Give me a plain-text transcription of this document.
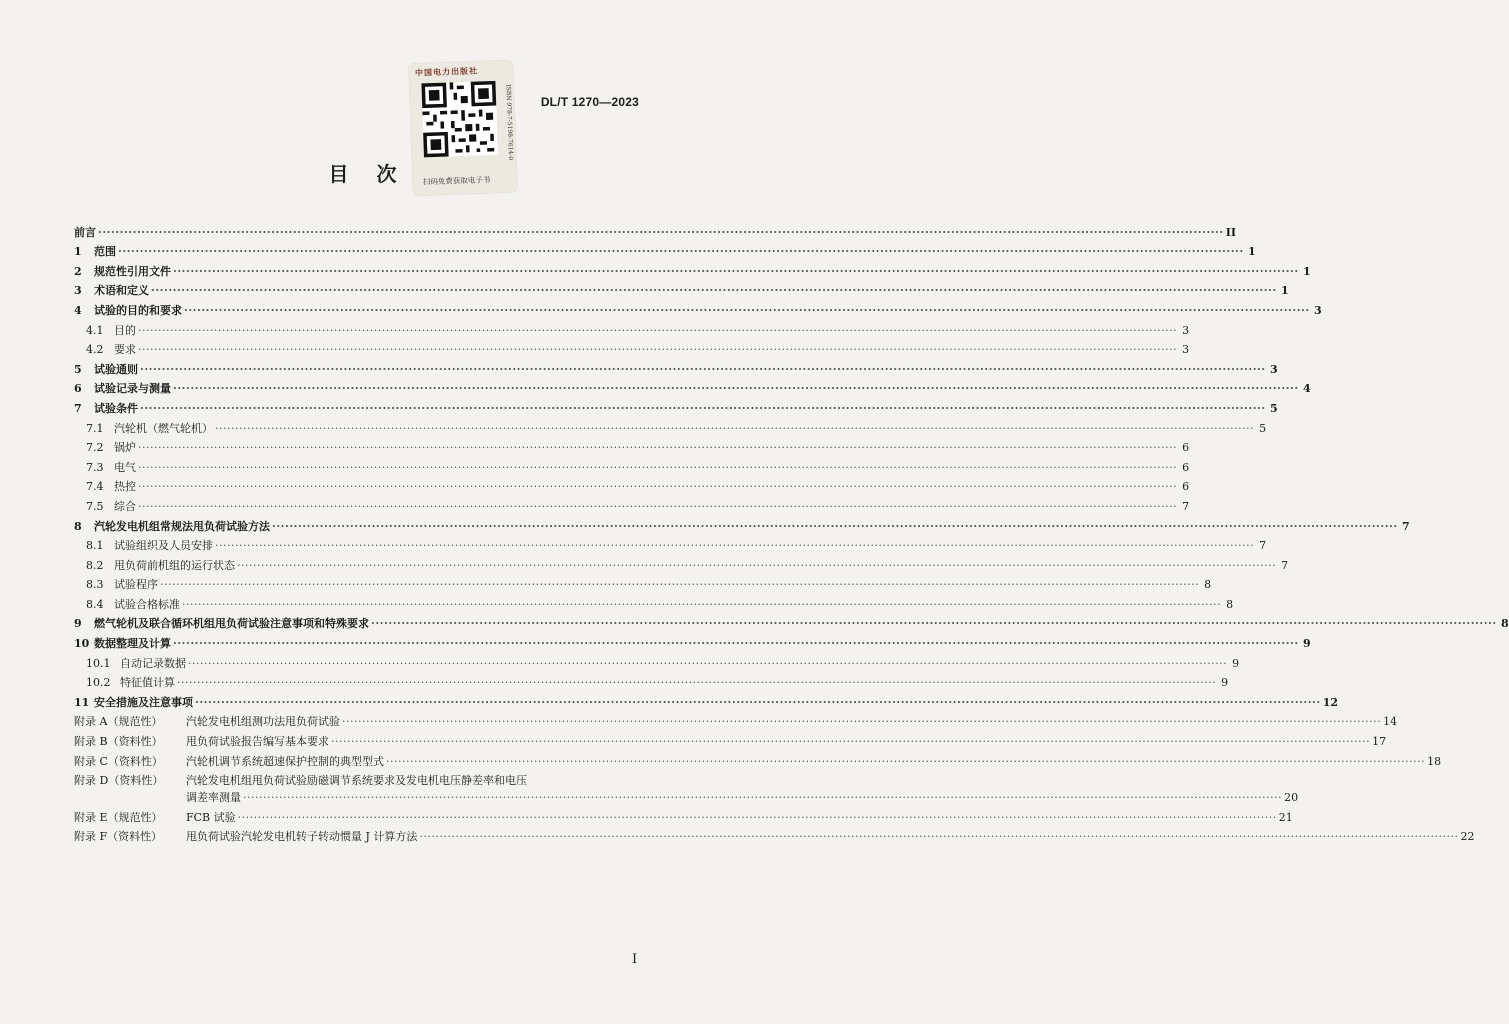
DL/T 1270—2023
中国电力出版社
ISBN 978-7-5198-7614-0
扫码免费获取电子书
目次
前言 ···································································································································································································································································· II
1	范围 ···································································································································································································································································· 1
2	规范性引用文件 ···································································································································································································································································· 1
3	术语和定义 ···································································································································································································································································· 1
4	试验的目的和要求 ···································································································································································································································································· 3
4.1 目的 ···································································································································································································································································· 3
4.2 要求 ···································································································································································································································································· 3
5	试验通则 ···································································································································································································································································· 3
6	试验记录与测量 ···································································································································································································································································· 4
7	试验条件 ···································································································································································································································································· 5
7.1 汽轮机（燃气轮机） ···································································································································································································································································· 5
7.2 锅炉 ···································································································································································································································································· 6
7.3 电气 ···································································································································································································································································· 6
7.4 热控 ···································································································································································································································································· 6
7.5 综合 ···································································································································································································································································· 7
8	汽轮发电机组常规法甩负荷试验方法 ···································································································································································································································································· 7
8.1 试验组织及人员安排 ···································································································································································································································································· 7
8.2 甩负荷前机组的运行状态 ···································································································································································································································································· 7
8.3 试验程序 ···································································································································································································································································· 8
8.4 试验合格标准 ···································································································································································································································································· 8
9	燃气轮机及联合循环机组甩负荷试验注意事项和特殊要求 ···································································································································································································································································· 8
10 数据整理及计算 ···································································································································································································································································· 9
10.1 自动记录数据 ···································································································································································································································································· 9
10.2 特征值计算 ···································································································································································································································································· 9
11 安全措施及注意事项 ···································································································································································································································································· 12
附录 A（规范性）	汽轮发电机组测功法甩负荷试验 ···································································································································································································································································· 14
附录 B（资料性）	甩负荷试验报告编写基本要求 ···································································································································································································································································· 17
附录 C（资料性）	汽轮机调节系统超速保护控制的典型型式 ···································································································································································································································································· 18
附录 D（资料性）	汽轮发电机组甩负荷试验励磁调节系统要求及发电机电压静差率和电压
调差率测量 ···································································································································································································································································· 20
附录 E（规范性）	FCB 试验 ···································································································································································································································································· 21
附录 F（资料性）	甩负荷试验汽轮发电机转子转动惯量 J 计算方法 ···································································································································································································································································· 22
I
